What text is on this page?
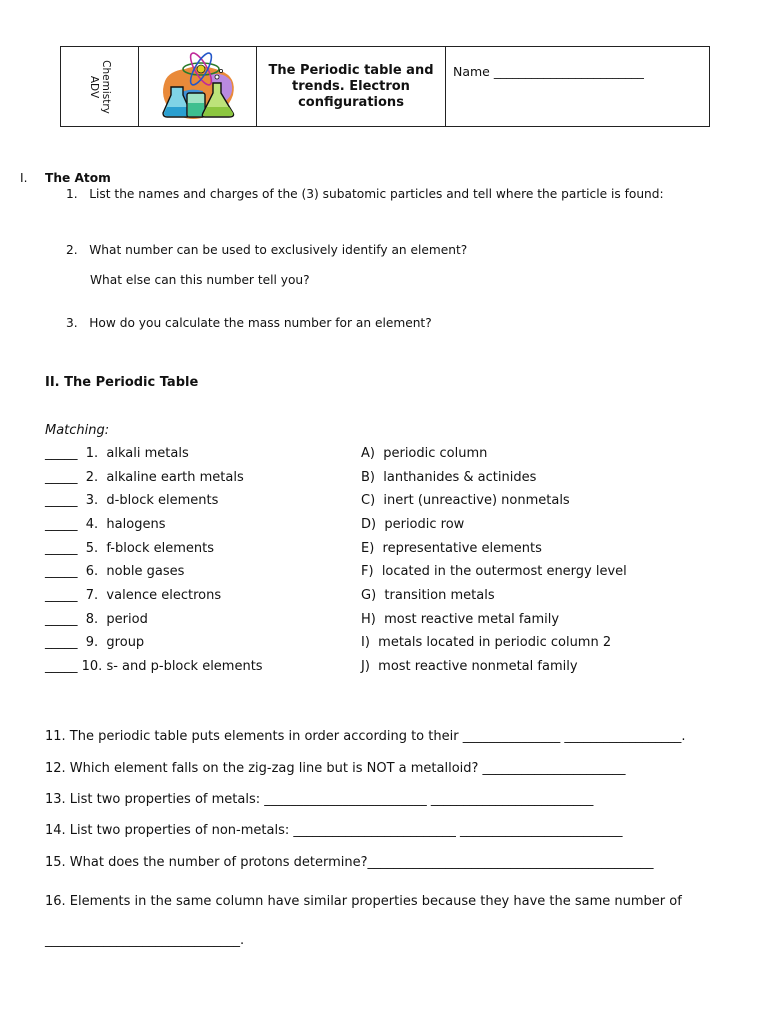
Chemistry
ADV
The Periodic table and trends. Electron configurations
Name ________________________
I. The Atom
1.   List the names and charges of the (3) subatomic particles and tell where the particle is found:
2.   What number can be used to exclusively identify an element?
What else can this number tell you?
3.   How do you calculate the mass number for an element?
II. The Periodic Table
Matching:
_____  1.  alkali metals
_____  2.  alkaline earth metals
_____  3.  d-block elements
_____  4.  halogens
_____  5.  f-block elements
_____  6.  noble gases
_____  7.  valence electrons
_____  8.  period
_____  9.  group
_____ 10. s- and p-block elements
A)  periodic column
B)  lanthanides & actinides
C)  inert (unreactive) nonmetals
D)  periodic row
E)  representative elements
F)  located in the outermost energy level
G)  transition metals
H)  most reactive metal family
I)  metals located in periodic column 2
J)  most reactive nonmetal family
11. The periodic table puts elements in order according to their _______________ __________________.
12. Which element falls on the zig-zag line but is NOT a metalloid? ______________________
13. List two properties of metals: _________________________ _________________________
14. List two properties of non-metals: _________________________ _________________________
15. What does the number of protons determine?____________________________________________
16. Elements in the same column have similar properties because they have the same number of
______________________________.
